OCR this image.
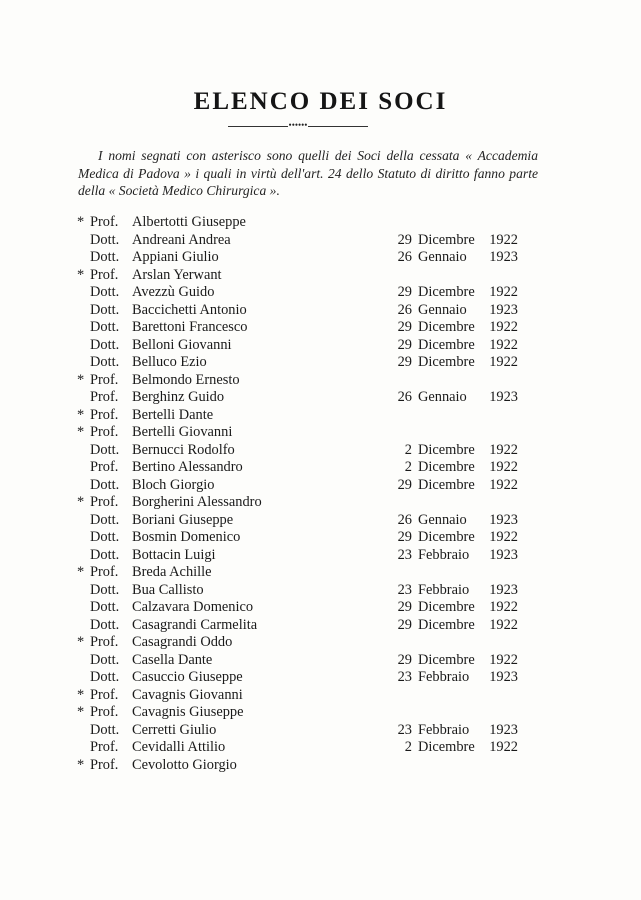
ELENCO DEI SOCI
••••••
I nomi segnati con asterisco sono quelli dei Soci della cessata « Accademia Medica di Padova » i quali in virtù dell'art. 24 dello Statuto di diritto fanno parte della « Società Medico Chirurgica ».
* Prof. Albertotti Giuseppe
Dott. Andreani Andrea	29 Dicembre 1922
Dott. Appiani Giulio	26 Gennaio 1923
* Prof. Arslan Yerwant
Dott. Avezzù Guido	29 Dicembre 1922
Dott. Baccichetti Antonio	26 Gennaio 1923
Dott. Barettoni Francesco	29 Dicembre 1922
Dott. Belloni Giovanni	29 Dicembre 1922
Dott. Belluco Ezio	29 Dicembre 1922
* Prof. Belmondo Ernesto
Prof. Berghinz Guido	26 Gennaio 1923
* Prof. Bertelli Dante
* Prof. Bertelli Giovanni
Dott. Bernucci Rodolfo	2 Dicembre 1922
Prof. Bertino Alessandro	2 Dicembre 1922
Dott. Bloch Giorgio	29 Dicembre 1922
* Prof. Borgherini Alessandro
Dott. Boriani Giuseppe	26 Gennaio 1923
Dott. Bosmin Domenico	29 Dicembre 1922
Dott. Bottacin Luigi	23 Febbraio 1923
* Prof. Breda Achille
Dott. Bua Callisto	23 Febbraio 1923
Dott. Calzavara Domenico	29 Dicembre 1922
Dott. Casagrandi Carmelita	29 Dicembre 1922
* Prof. Casagrandi Oddo
Dott. Casella Dante	29 Dicembre 1922
Dott. Casuccio Giuseppe	23 Febbraio 1923
* Prof. Cavagnis Giovanni
* Prof. Cavagnis Giuseppe
Dott. Cerretti Giulio	23 Febbraio 1923
Prof. Cevidalli Attilio	2 Dicembre 1922
* Prof. Cevolotto Giorgio
